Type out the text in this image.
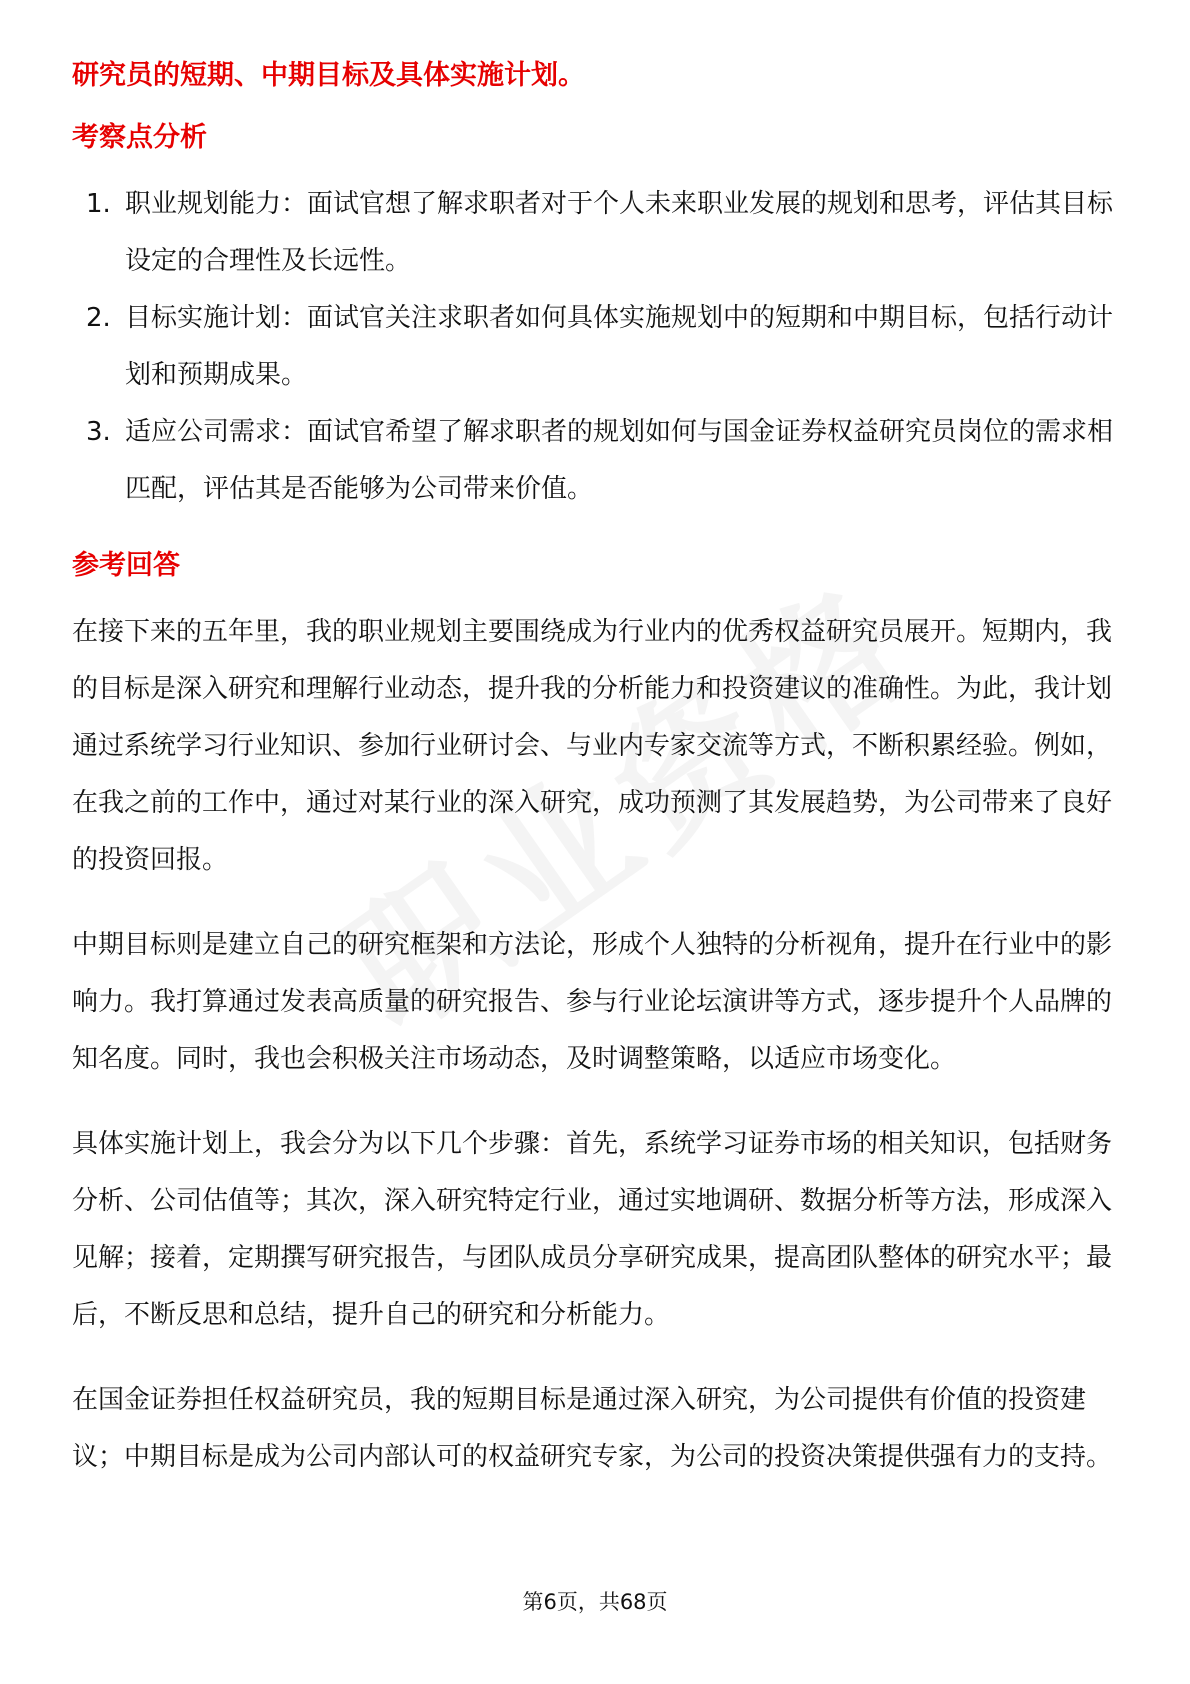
研究员的短期、中期目标及具体实施计划。

考察点分析

1. 职业规划能力：面试官想了解求职者对于个人未来职业发展的规划和思考，评估其目标设定的合理性及长远性。
2. 目标实施计划：面试官关注求职者如何具体实施规划中的短期和中期目标，包括行动计划和预期成果。
3. 适应公司需求：面试官希望了解求职者的规划如何与国金证券权益研究员岗位的需求相匹配，评估其是否能够为公司带来价值。

参考回答

在接下来的五年里，我的职业规划主要围绕成为行业内的优秀权益研究员展开。短期内，我的目标是深入研究和理解行业动态，提升我的分析能力和投资建议的准确性。为此，我计划通过系统学习行业知识、参加行业研讨会、与业内专家交流等方式，不断积累经验。例如，在我之前的工作中，通过对某行业的深入研究，成功预测了其发展趋势，为公司带来了良好的投资回报。

中期目标则是建立自己的研究框架和方法论，形成个人独特的分析视角，提升在行业中的影响力。我打算通过发表高质量的研究报告、参与行业论坛演讲等方式，逐步提升个人品牌的知名度。同时，我也会积极关注市场动态，及时调整策略，以适应市场变化。

具体实施计划上，我会分为以下几个步骤：首先，系统学习证券市场的相关知识，包括财务分析、公司估值等；其次，深入研究特定行业，通过实地调研、数据分析等方法，形成深入见解；接着，定期撰写研究报告，与团队成员分享研究成果，提高团队整体的研究水平；最后，不断反思和总结，提升自己的研究和分析能力。

在国金证券担任权益研究员，我的短期目标是通过深入研究，为公司提供有价值的投资建议；中期目标是成为公司内部认可的权益研究专家，为公司的投资决策提供强有力的支持。

第6页，共68页
